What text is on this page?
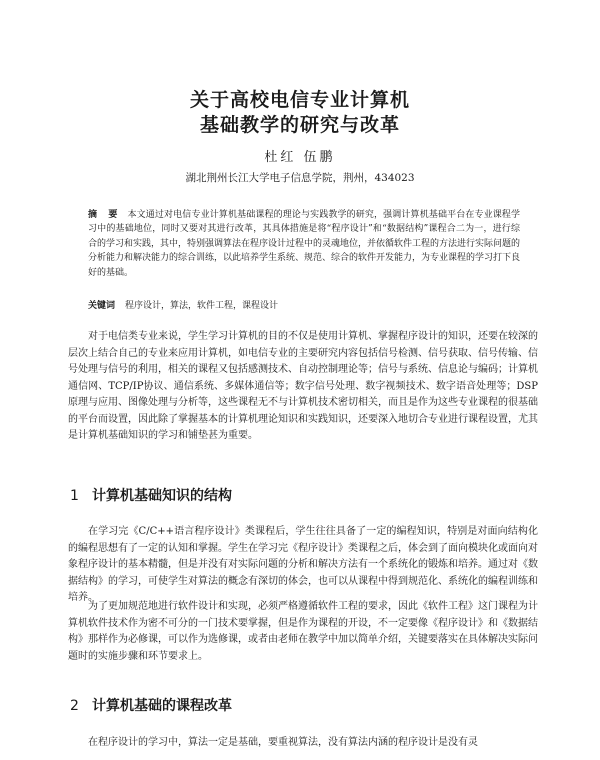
关于高校电信专业计算机
基础教学的研究与改革
杜红 伍鹏
湖北荆州长江大学电子信息学院，荆州，434023
摘 要 本文通过对电信专业计算机基础课程的理论与实践教学的研究，强调计算机基础平台在专业课程学习中的基础地位，同时又要对其进行改革，其具体措施是将“程序设计”和“数据结构”课程合二为一，进行综合的学习和实践，其中，特别强调算法在程序设计过程中的灵魂地位，并依循软件工程的方法进行实际问题的分析能力和解决能力的综合训练，以此培养学生系统、规范、综合的软件开发能力，为专业课程的学习打下良好的基础。
关键词 程序设计，算法，软件工程，课程设计

对于电信类专业来说，学生学习计算机的目的不仅是使用计算机、掌握程序设计的知识，还要在较深的层次上结合自己的专业来应用计算机，如电信专业的主要研究内容包括信号检测、信号获取、信号传输、信号处理与信号的利用，相关的课程又包括感测技术、自动控制理论等；信号与系统、信息论与编码；计算机通信网、TCP/IP协议、通信系统、多媒体通信等；数字信号处理、数字视频技术、数字语音处理等；DSP原理与应用、图像处理与分析等，这些课程无不与计算机技术密切相关，而且是作为这些专业课程的很基础的平台而设置，因此除了掌握基本的计算机理论知识和实践知识，还要深入地切合专业进行课程设置，尤其是计算机基础知识的学习和铺垫甚为重要。

1 计算机基础知识的结构

在学习完《C/C++语言程序设计》类课程后，学生往往具备了一定的编程知识，特别是对面向结构化的编程思想有了一定的认知和掌握。学生在学习完《程序设计》类课程之后，体会到了面向模块化或面向对象程序设计的基本精髓，但是并没有对实际问题的分析和解决方法有一个系统化的锻炼和培养。通过对《数据结构》的学习，可使学生对算法的概念有深切的体会，也可以从课程中得到规范化、系统化的编程训练和培养。

为了更加规范地进行软件设计和实现，必须严格遵循软件工程的要求，因此《软件工程》这门课程为计算机软件技术作为密不可分的一门技术要掌握，但是作为课程的开设，不一定要像《程序设计》和《数据结构》那样作为必修课，可以作为选修课，或者由老师在教学中加以简单介绍，关键要落实在具体解决实际问题时的实施步骤和环节要求上。

2 计算机基础的课程改革

在程序设计的学习中，算法一定是基础，要重视算法，没有算法内涵的程序设计是没有灵
